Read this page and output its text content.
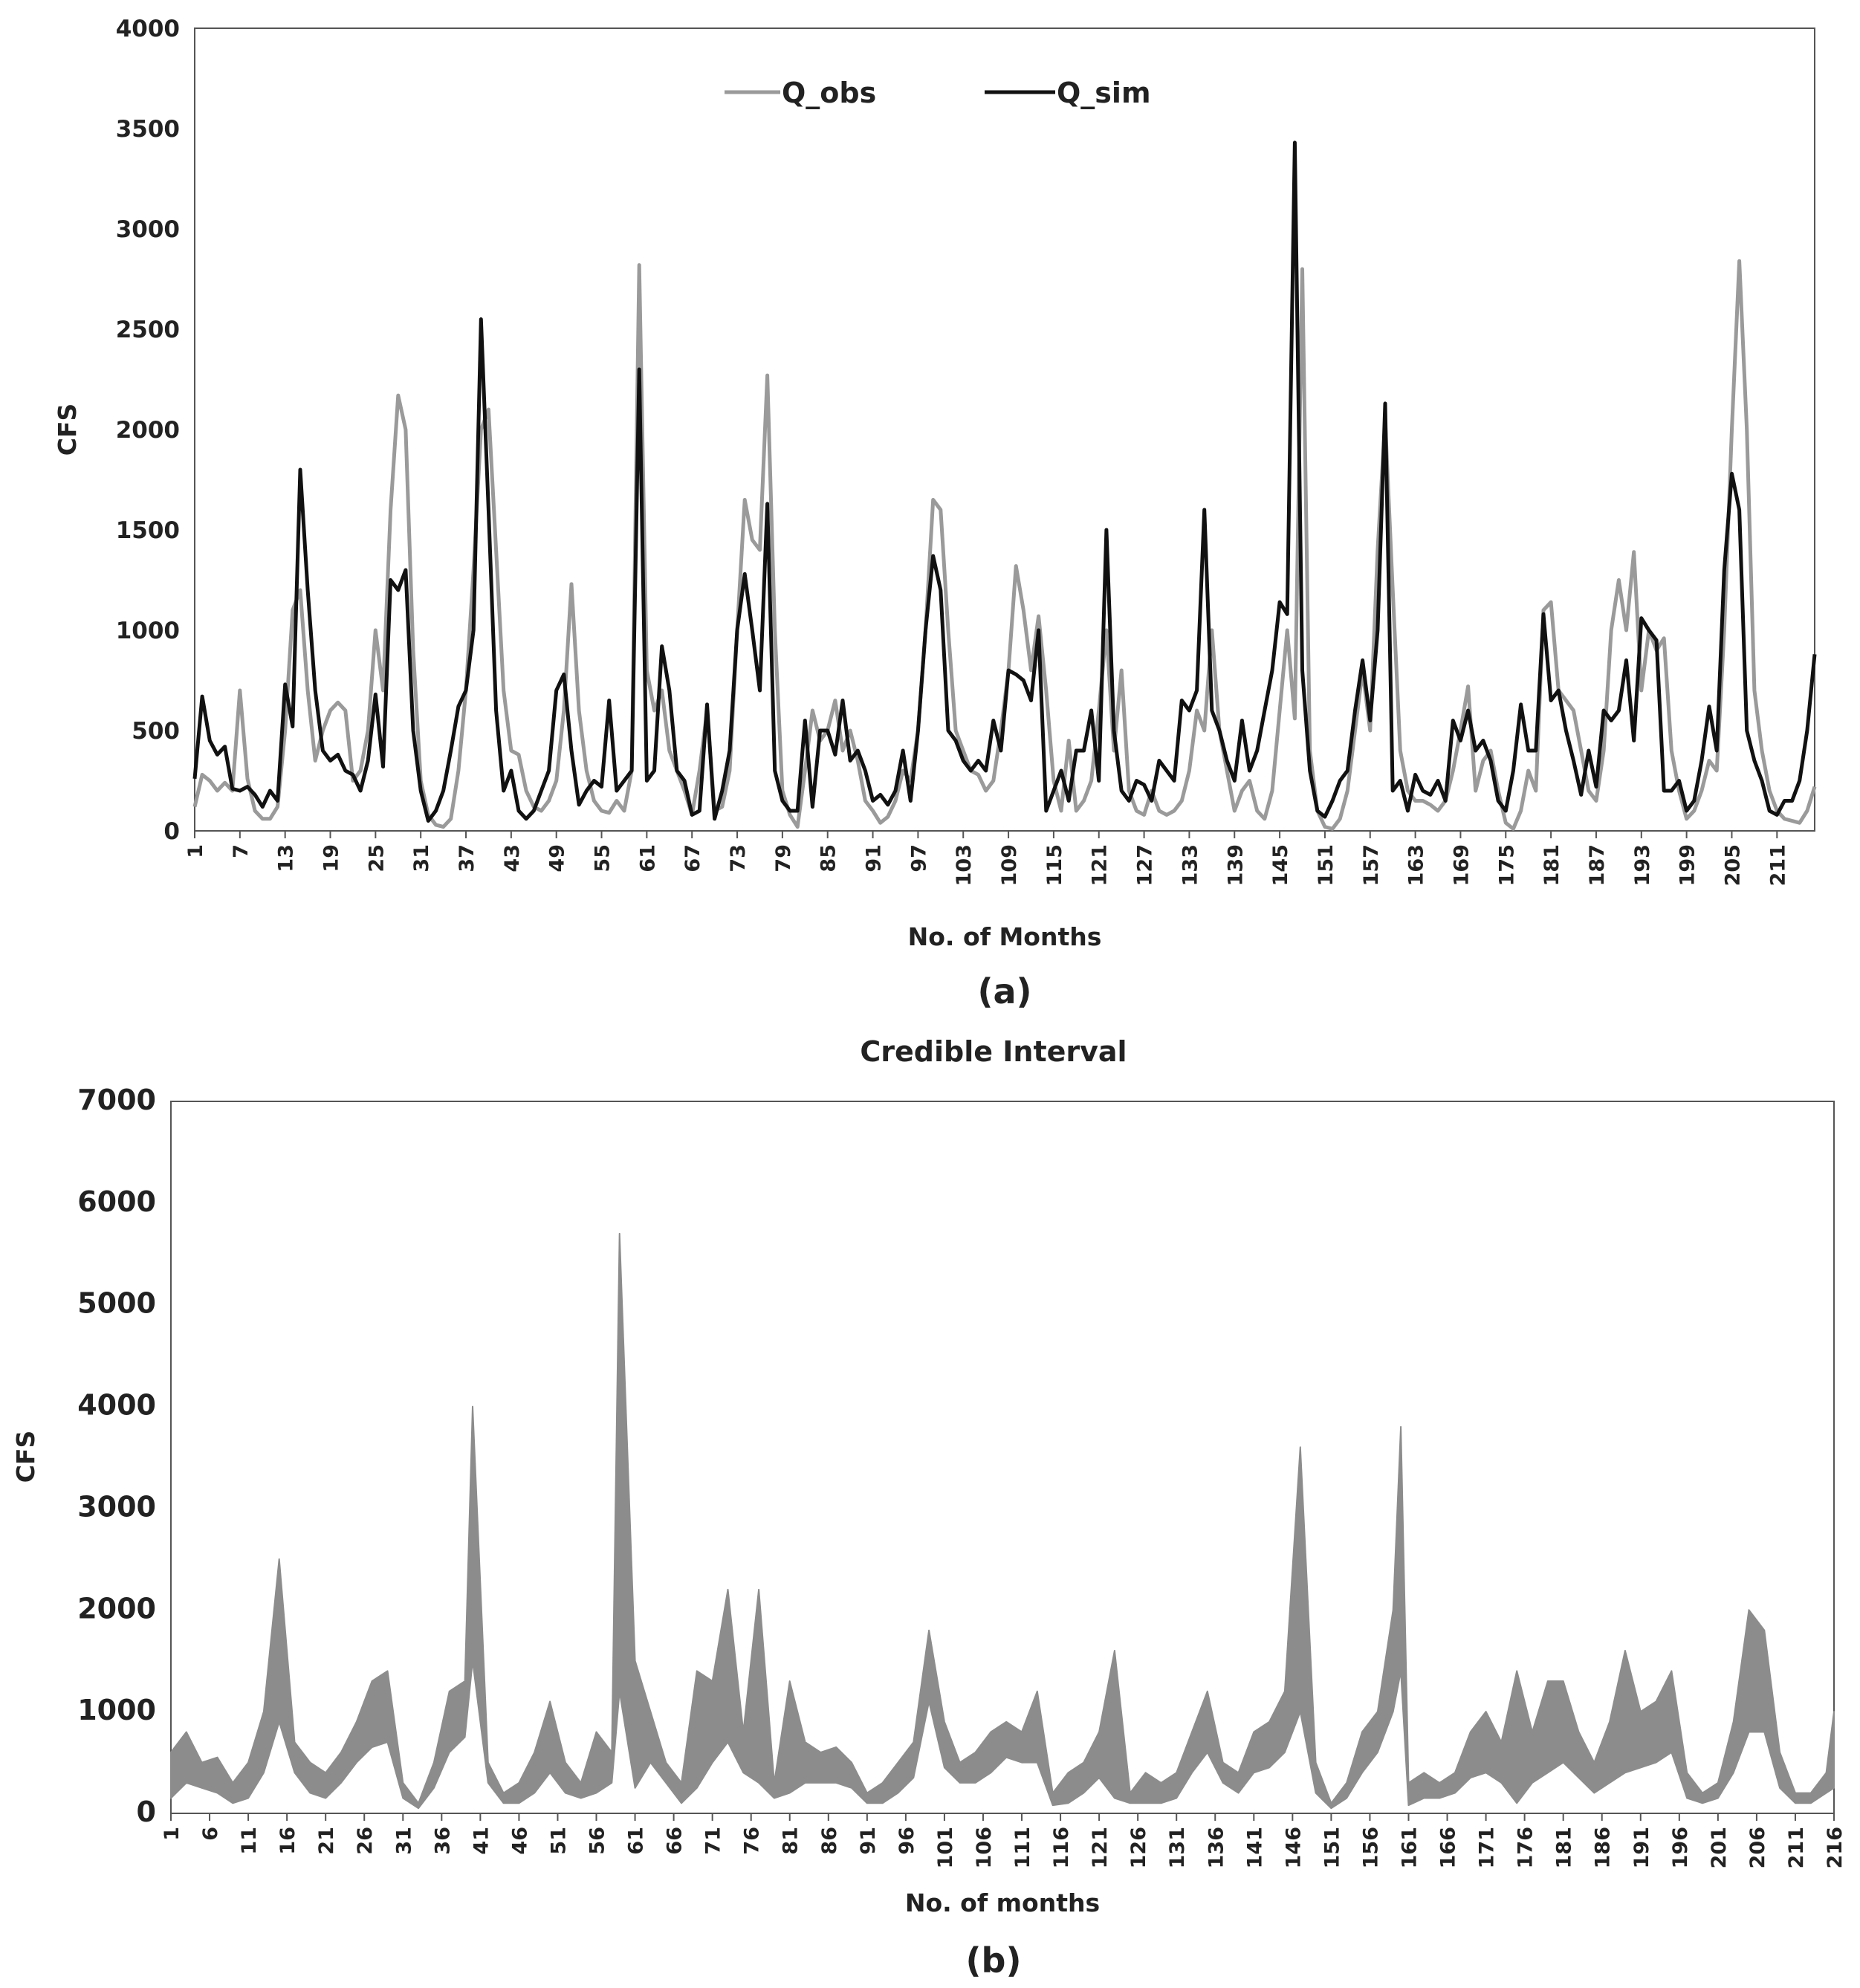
0
500
1000
1500
2000
2500
3000
3500
4000
1 7 13 19 25 31 37 43 49 55 61 67 73 79 85 91 97 103 109 115 121 127 133 139 145 151 157 163 169 175 181 187 193 199 205 211
CFS
No. of Months
(a)
Q_obs	Q_sim
Credible Interval
0
1000
2000
3000
4000
5000
6000
7000
1 6 11 16 21 26 31 36 41 46 51 56 61 66 71 76 81 86 91 96 101 106 111 116 121 126 131 136 141 146 151 156 161 166 171 176 181 186 191 196 201 206 211 216
CFS
No. of months
(b)
